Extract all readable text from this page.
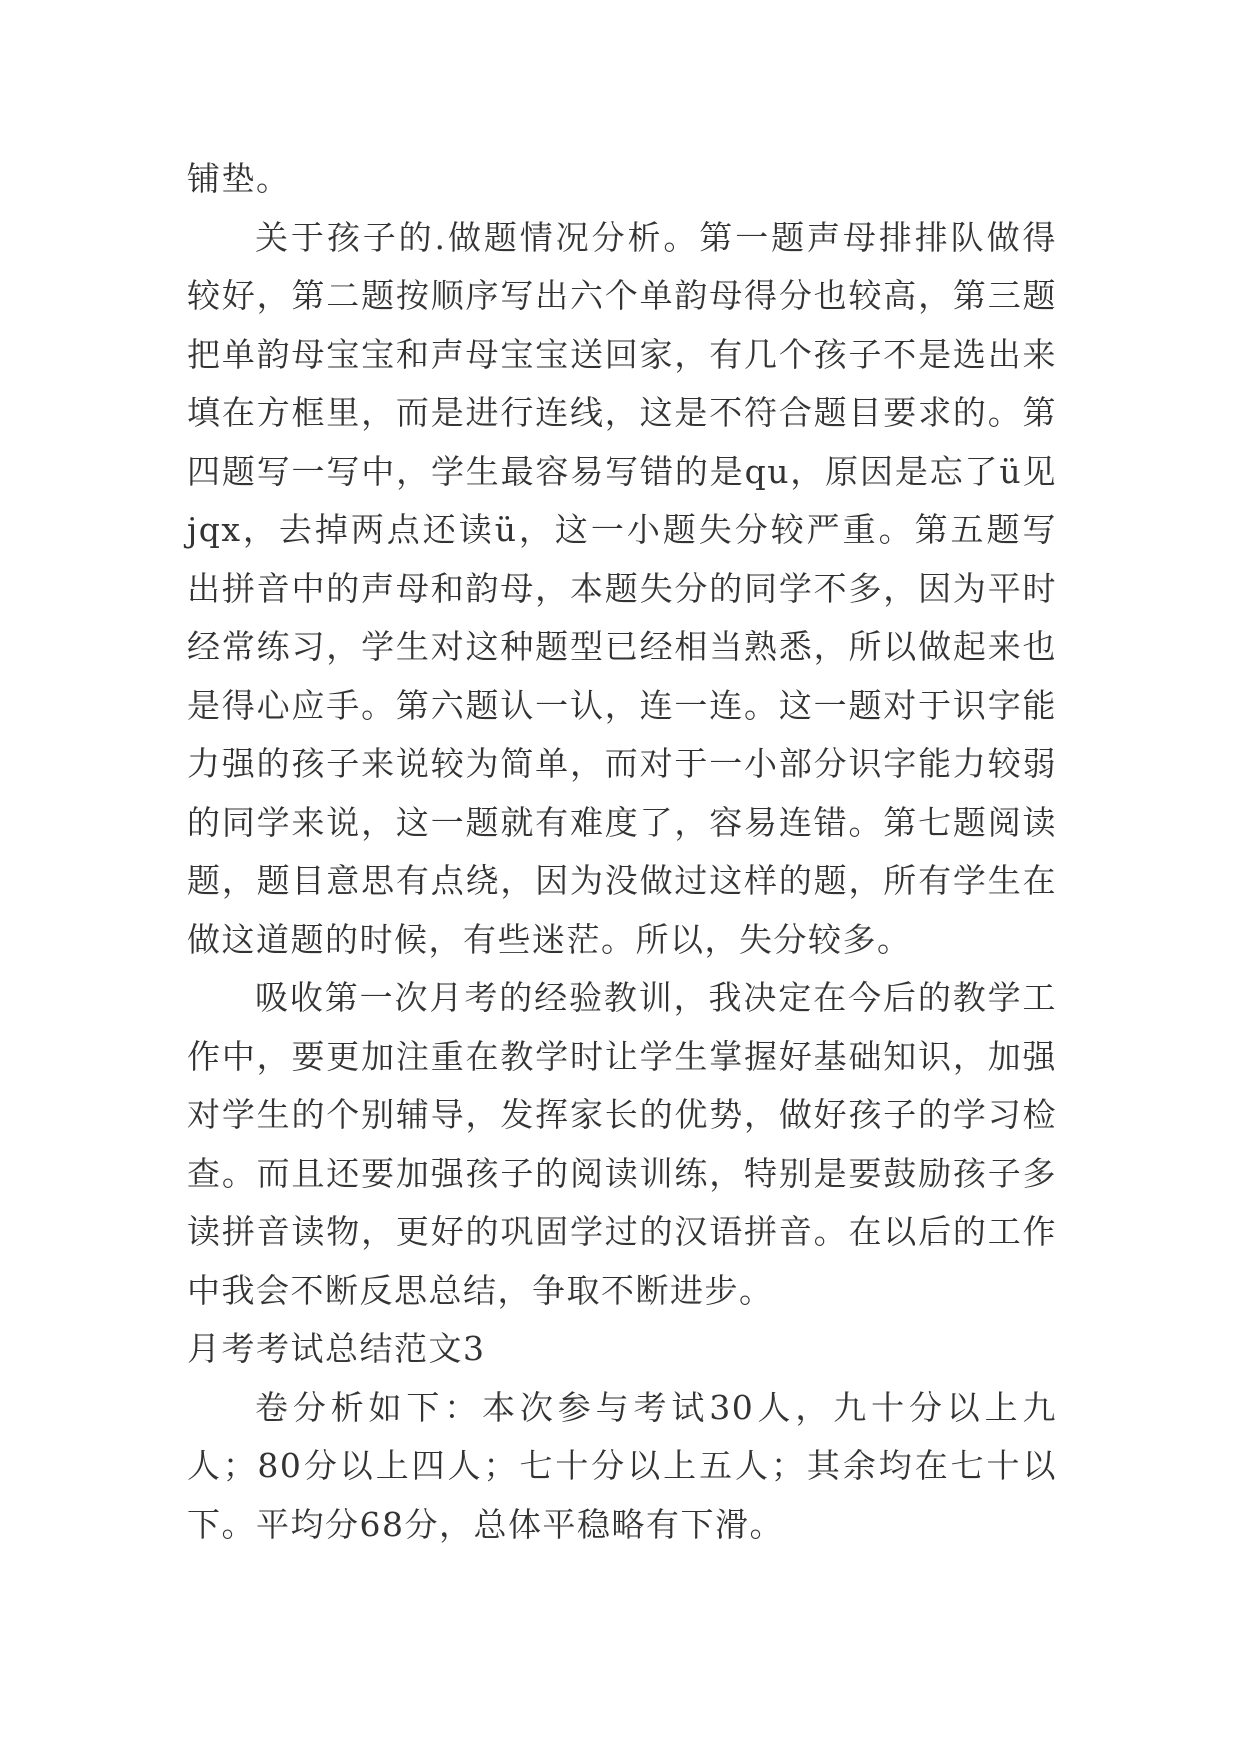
铺垫。

关于孩子的.做题情况分析。第一题声母排排队做得较好，第二题按顺序写出六个单韵母得分也较高，第三题把单韵母宝宝和声母宝宝送回家，有几个孩子不是选出来填在方框里，而是进行连线，这是不符合题目要求的。第四题写一写中，学生最容易写错的是qu，原因是忘了ü见jqx，去掉两点还读ü，这一小题失分较严重。第五题写出拼音中的声母和韵母，本题失分的同学不多，因为平时经常练习，学生对这种题型已经相当熟悉，所以做起来也是得心应手。第六题认一认，连一连。这一题对于识字能力强的孩子来说较为简单，而对于一小部分识字能力较弱的同学来说，这一题就有难度了，容易连错。第七题阅读题，题目意思有点绕，因为没做过这样的题，所有学生在做这道题的时候，有些迷茫。所以，失分较多。

吸收第一次月考的经验教训，我决定在今后的教学工作中，要更加注重在教学时让学生掌握好基础知识，加强对学生的个别辅导，发挥家长的优势，做好孩子的学习检查。而且还要加强孩子的阅读训练，特别是要鼓励孩子多读拼音读物，更好的巩固学过的汉语拼音。在以后的工作中我会不断反思总结，争取不断进步。

月考考试总结范文3

卷分析如下：本次参与考试30人，九十分以上九人；80分以上四人；七十分以上五人；其余均在七十以下。平均分68分，总体平稳略有下滑。
